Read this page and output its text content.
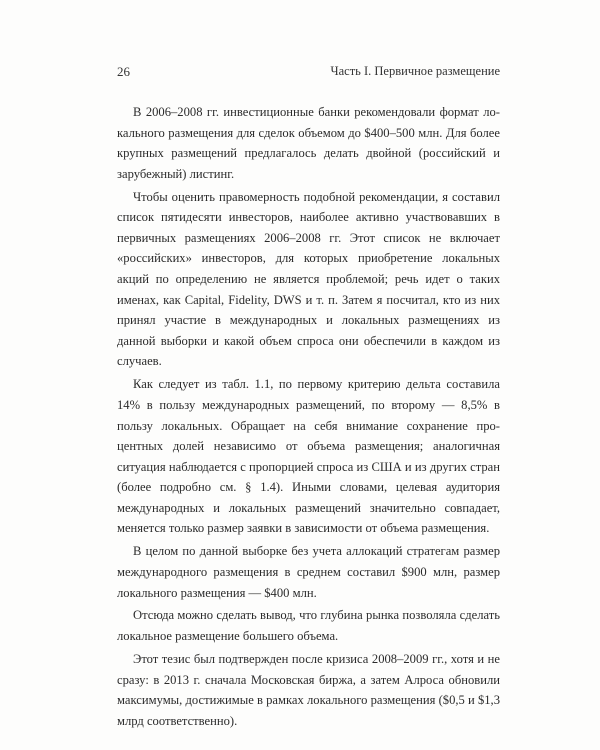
26	Часть I. Первичное размещение

В 2006–2008 гг. инвестиционные банки рекомендовали формат локального размещения для сделок объемом до $400–500 млн. Для более крупных размещений предлагалось делать двойной (российский и зарубежный) листинг.

Чтобы оценить правомерность подобной рекомендации, я составил список пятидесяти инвесторов, наиболее активно участвовавших в первичных размещениях 2006–2008 гг. Этот список не включает «российских» инвесторов, для которых приобретение локальных акций по определению не является проблемой; речь идет о таких именах, как Capital, Fidelity, DWS и т. п. Затем я посчитал, кто из них принял участие в международных и локальных размещениях из данной выборки и какой объем спроса они обеспечили в каждом из случаев.

Как следует из табл. 1.1, по первому критерию дельта составила 14% в пользу международных размещений, по второму — 8,5% в пользу локальных. Обращает на себя внимание сохранение процентных долей независимо от объема размещения; аналогичная ситуация наблюдается с пропорцией спроса из США и из других стран (более подробно см. § 1.4). Иными словами, целевая аудитория международных и локальных размещений значительно совпадает, меняется только размер заявки в зависимости от объема размещения.

В целом по данной выборке без учета аллокаций стратегам размер международного размещения в среднем составил $900 млн, размер локального размещения — $400 млн.

Отсюда можно сделать вывод, что глубина рынка позволяла сделать локальное размещение большего объема.

Этот тезис был подтвержден после кризиса 2008–2009 гг., хотя и не сразу: в 2013 г. сначала Московская биржа, а затем Алроса обновили максимумы, достижимые в рамках локального размещения ($0,5 и $1,3 млрд соответственно).
